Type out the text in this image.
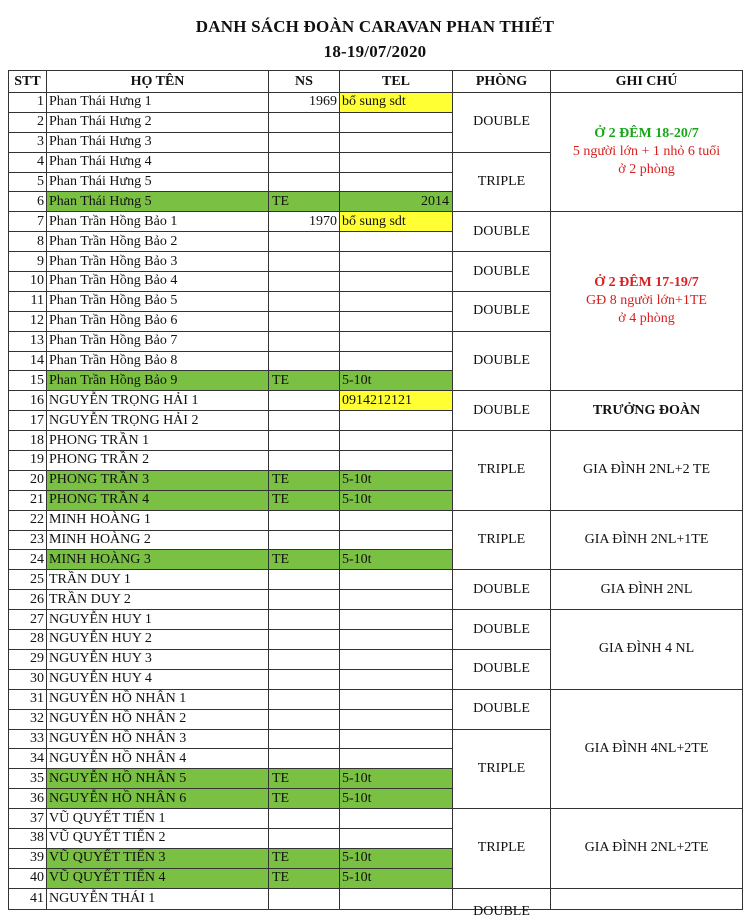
DANH SÁCH ĐOÀN CARAVAN PHAN THIẾT
18-19/07/2020
STT	HỌ TÊN	NS	TEL	PHÒNG	GHI CHÚ
1	Phan Thái Hưng 1	1969	bổ sung sdt	DOUBLE	Ở 2 ĐÊM 18-20/7
5 người lớn + 1 nhỏ 6 tuổi
ở 2 phòng

2	Phan Thái Hưng 2				
3	Phan Thái Hưng 3				
4	Phan Thái Hưng 4			TRIPLE	
5	Phan Thái Hưng 5				
6	Phan Thái Hưng 5	TE	2014		
7	Phan Trần Hồng Bảo 1	1970	bổ sung sdt	DOUBLE	Ở 2 ĐÊM 17-19/7
GĐ 8 người lớn+1TE
ở 4 phòng

8	Phan Trần Hồng Bảo 2				
9	Phan Trần Hồng Bảo 3			DOUBLE	
10	Phan Trần Hồng Bảo 4				
11	Phan Trần Hồng Bảo 5			DOUBLE	
12	Phan Trần Hồng Bảo 6				
13	Phan Trần Hồng Bảo 7			DOUBLE	
14	Phan Trần Hồng Bảo 8				
15	Phan Trần Hồng Bảo 9	TE	5-10t		
16	NGUYỄN TRỌNG HẢI 1		0914212121	DOUBLE	TRƯỞNG ĐOÀN
17	NGUYỄN TRỌNG HẢI 2				
18	PHONG TRẦN 1			TRIPLE	GIA ĐÌNH 2NL+2 TE
19	PHONG TRẦN 2				
20	PHONG TRẦN 3	TE	5-10t		
21	PHONG TRẦN 4	TE	5-10t		
22	MINH HOÀNG 1			TRIPLE	GIA ĐÌNH 2NL+1TE
23	MINH HOÀNG 2				
24	MINH HOÀNG 3	TE	5-10t		
25	TRẦN DUY 1			DOUBLE	GIA ĐÌNH 2NL
26	TRẦN DUY 2				
27	NGUYỄN HUY 1			DOUBLE	GIA ĐÌNH 4 NL
28	NGUYỄN HUY 2				
29	NGUYỄN HUY 3			DOUBLE	
30	NGUYỄN HUY 4				
31	NGUYỄN HỒ NHÂN 1			DOUBLE	GIA ĐÌNH 4NL+2TE
32	NGUYỄN HỒ NHÂN 2				
33	NGUYỄN HỒ NHÂN 3			TRIPLE	
34	NGUYỄN HỒ NHÂN 4				
35	NGUYỄN HỒ NHÂN 5	TE	5-10t		
36	NGUYỄN HỒ NHÂN 6	TE	5-10t		
37	VŨ QUYẾT TIẾN 1			TRIPLE	GIA ĐÌNH 2NL+2TE
38	VŨ QUYẾT TIẾN 2				
39	VŨ QUYẾT TIẾN 3	TE	5-10t		
40	VŨ QUYẾT TIẾN 4	TE	5-10t		
41	NGUYỄN THÁI 1			DOUBLE	
